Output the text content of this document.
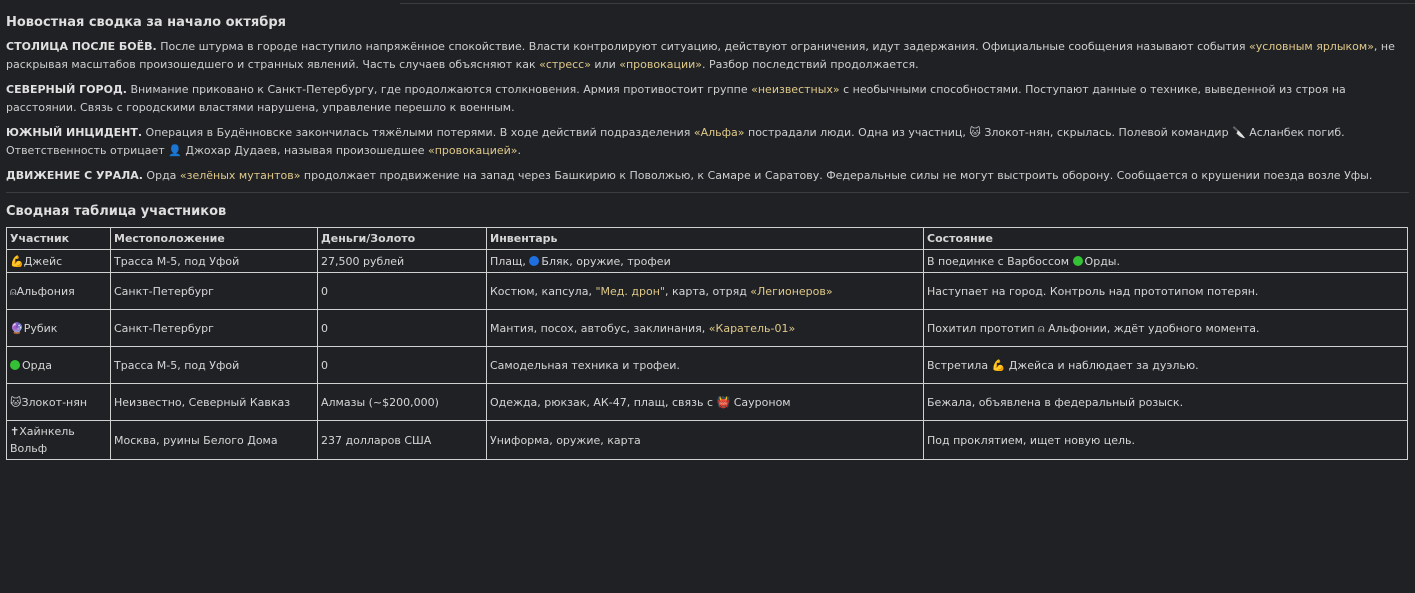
Новостная сводка за начало октября

СТОЛИЦА ПОСЛЕ БОЁВ. После штурма в городе наступило напряжённое спокойствие. Власти контролируют ситуацию, действуют ограничения, идут задержания. Официальные сообщения называют события «условным ярлыком», не раскрывая масштабов произошедшего и странных явлений. Часть случаев объясняют как «стресс» или «провокации». Разбор последствий продолжается.

СЕВЕРНЫЙ ГОРОД. Внимание приковано к Санкт-Петербургу, где продолжаются столкновения. Армия противостоит группе «неизвестных» с необычными способностями. Поступают данные о технике, выведенной из строя на расстоянии. Связь с городскими властями нарушена, управление перешло к военным.

ЮЖНЫЙ ИНЦИДЕНТ. Операция в Будённовске закончилась тяжёлыми потерями. В ходе действий подразделения «Альфа» пострадали люди. Одна из участниц, 🐱 Злокот-нян, скрылась. Полевой командир 🔪 Асланбек погиб. Ответственность отрицает 👤 Джохар Дудаев, называя произошедшее «провокацией».

ДВИЖЕНИЕ С УРАЛА. Орда «зелёных мутантов» продолжает продвижение на запад через Башкирию к Поволжью, к Самаре и Саратову. Федеральные силы не могут выстроить оборону. Сообщается о крушении поезда возле Уфы.

Сводная таблица участников
Участник	Местоположение	Деньги/Золото	Инвентарь	Состояние
💪Джейс	Трасса М-5, под Уфой	27,500 рублей	Плащ, Бляк, оружие, трофеи	В поединке с Варбоссом Орды.
⍝Альфония	Санкт-Петербург	0	Костюм, капсула, "Мед. дрон", карта, отряд «Легионеров»	Наступает на город. Контроль над прототипом потерян.
🔮Рубик	Санкт-Петербург	0	Мантия, посох, автобус, заклинания, «Каратель-01»	Похитил прототип ⍝ Альфонии, ждёт удобного момента.
Орда	Трасса М-5, под Уфой	0	Самодельная техника и трофеи.	Встретила 💪 Джейса и наблюдает за дуэлью.
🐱Злокот-нян	Неизвестно, Северный Кавказ	Алмазы (~$200,000)	Одежда, рюкзак, АК-47, плащ, связь с 👹 Сауроном	Бежала, объявлена в федеральный розыск.
✝Хайнкель Вольф	Москва, руины Белого Дома	237 долларов США	Униформа, оружие, карта	Под проклятием, ищет новую цель.
